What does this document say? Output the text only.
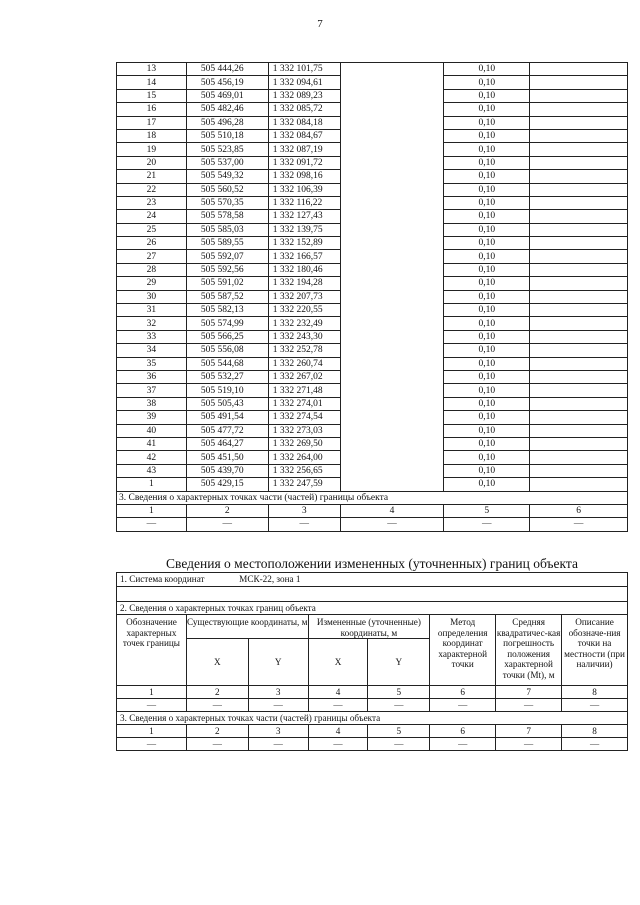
7
13	505 444,26	1 332 101,75		0,10	
14	505 456,19	1 332 094,61		0,10	
15	505 469,01	1 332 089,23		0,10	
16	505 482,46	1 332 085,72		0,10	
17	505 496,28	1 332 084,18		0,10	
18	505 510,18	1 332 084,67		0,10	
19	505 523,85	1 332 087,19		0,10	
20	505 537,00	1 332 091,72		0,10	
21	505 549,32	1 332 098,16		0,10	
22	505 560,52	1 332 106,39		0,10	
23	505 570,35	1 332 116,22		0,10	
24	505 578,58	1 332 127,43		0,10	
25	505 585,03	1 332 139,75		0,10	
26	505 589,55	1 332 152,89		0,10	
27	505 592,07	1 332 166,57		0,10	
28	505 592,56	1 332 180,46		0,10	
29	505 591,02	1 332 194,28		0,10	
30	505 587,52	1 332 207,73		0,10	
31	505 582,13	1 332 220,55		0,10	
32	505 574,99	1 332 232,49		0,10	
33	505 566,25	1 332 243,30		0,10	
34	505 556,08	1 332 252,78		0,10	
35	505 544,68	1 332 260,74		0,10	
36	505 532,27	1 332 267,02		0,10	
37	505 519,10	1 332 271,48		0,10	
38	505 505,43	1 332 274,01		0,10	
39	505 491,54	1 332 274,54		0,10	
40	505 477,72	1 332 273,03		0,10	
41	505 464,27	1 332 269,50		0,10	
42	505 451,50	1 332 264,00		0,10	
43	505 439,70	1 332 256,65		0,10	
1	505 429,15	1 332 247,59		0,10	
3. Сведения о характерных точках части (частей) границы объекта					
1	2	3	4	5	6
—	—	—	—	—	—
Сведения о местоположении измененных (уточненных) границ объекта
1. Система координат МСК-22, зона 1							

2. Сведения о характерных точках границ объекта							
Обозначение характерных точек границы	Существующие координаты, м		Измененные (уточненные) координаты, м		Метод определения координат характерной точки	Средняя квадратичес-кая погрешность положения характерной точки (Mt), м	Описание обозначе-ния точки на местности (при наличии)
	X	Y	X	Y			
1	2	3	4	5	6	7	8
—	—	—	—	—	—	—	—
3. Сведения о характерных точках части (частей) границы объекта							
1	2	3	4	5	6	7	8
—	—	—	—	—	—	—	—
